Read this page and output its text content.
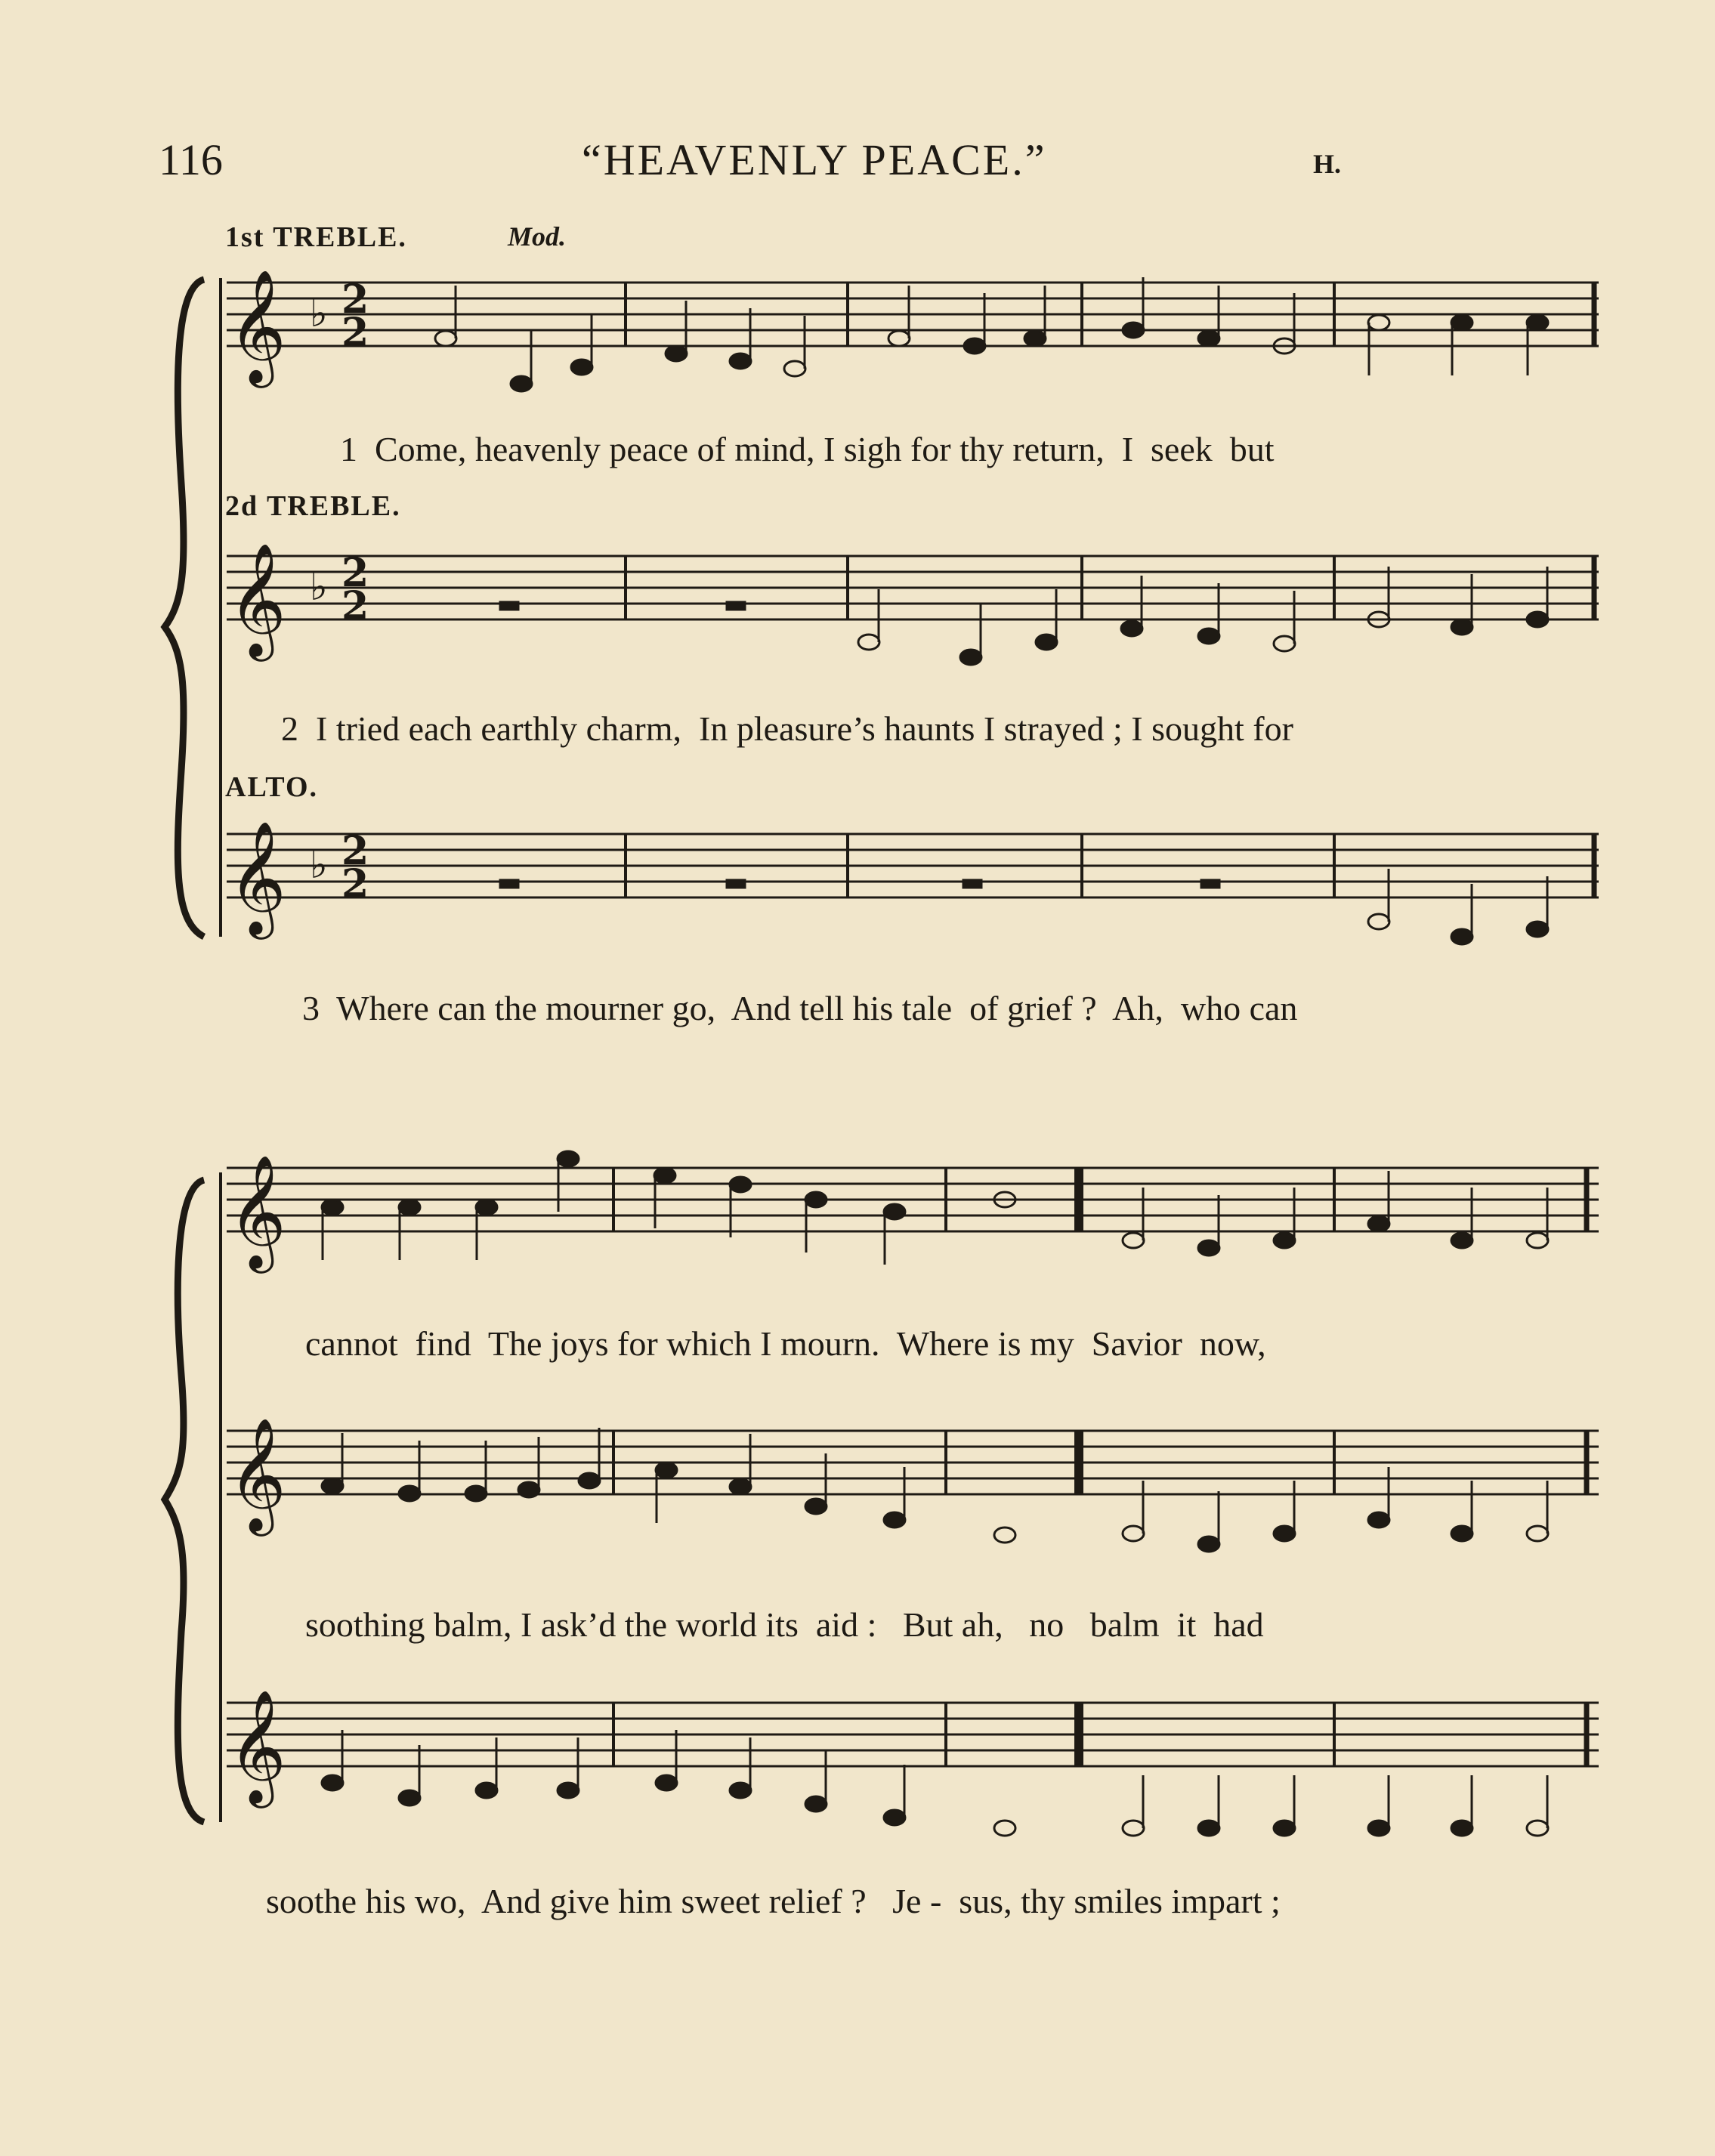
116	“HEAVENLY PEACE.”	H.
1st TREBLE.	Mod.
1  Come, heavenly peace of mind, I sigh for thy return,  I  seek  but
2d TREBLE.
2  I tried each earthly charm,  In pleasure’s haunts I strayed ; I sought for
ALTO.
3  Where can the mourner go,  And tell his tale  of grief ?  Ah,  who can
cannot  find  The joys for which I mourn.  Where is my  Savior  now,
soothing balm, I ask’d the world its  aid :   But ah,   no   balm  it  had
soothe his wo,  And give him sweet relief ?   Je -  sus, thy smiles impart ;
𝄞
𝄞
𝄞
𝄞
𝄞
𝄞
♭
♭
♭
2
2
2
2
2
2
